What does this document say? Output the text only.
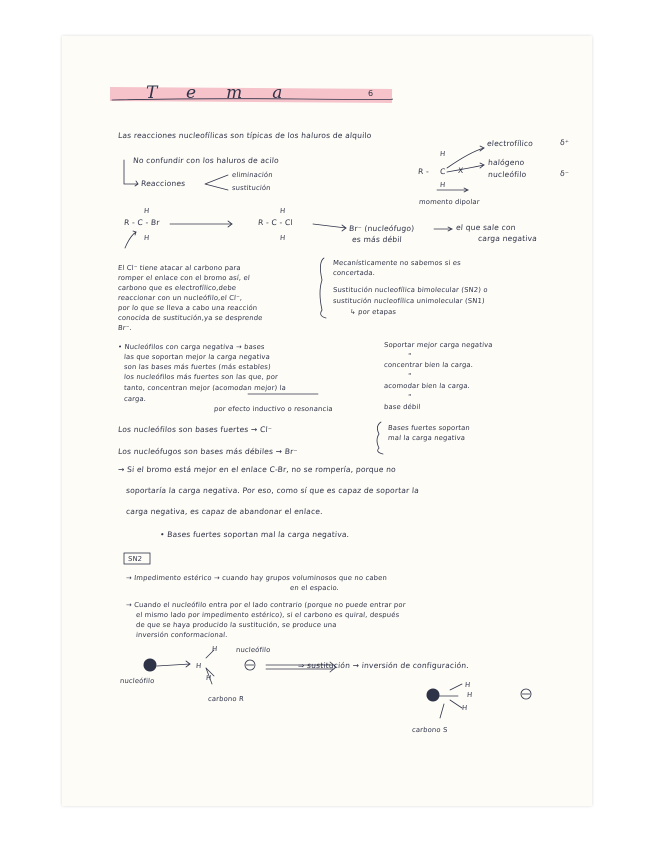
Tema	6
Las reacciones nucleofílicas son típicas de los haluros de alquilo
No confundir con los haluros de acilo
Reacciones
eliminación
sustitución
H
R - C X
H
electrofílico	δ⁺
halógeno
nucleófilo	δ⁻
momento dipolar
H
R - C - Br
H
H
R - C - Cl
H
Br⁻ (nucleófugo)
es más débil
el que sale con
carga negativa
El Cl⁻ tiene atacar al carbono para
romper el enlace con el bromo así, el
carbono que es electrofílico,debe
reaccionar con un nucleófilo,el Cl⁻,
por lo que se lleva a cabo una reacción
conocida de sustitución,ya se desprende
Br⁻.
Mecanísticamente no sabemos si es
concertada.
Sustitución nucleofílica bimolecular (SN2) o
sustitución nucleofílica unimolecular (SN1)
↳ por etapas
• Nucleófilos con carga negativa → bases
las que soportan mejor la carga negativa
son las bases más fuertes (más estables)
los nucleófilos más fuertes son las que, por
tanto, concentran mejor (acomodan mejor) la
carga.
Soportar mejor carga negativa
"
concentrar bien la carga.
"
acomodar bien la carga.
"
base débil
por efecto inductivo o resonancia
Los nucleófilos son bases fuertes → Cl⁻
Los nucleófugos son bases más débiles → Br⁻
Bases fuertes soportan
mal la carga negativa
→ Si el bromo está mejor en el enlace C-Br, no se rompería, porque no
soportaría la carga negativa. Por eso, como sí que es capaz de soportar la
carga negativa, es capaz de abandonar el enlace.
• Bases fuertes soportan mal la carga negativa.
SN2
→ Impedimento estérico → cuando hay grupos voluminosos que no caben
en el espacio.
→ Cuando el nucleófilo entra por el lado contrario (porque no puede entrar por
el mismo lado por impedimento estérico), si el carbono es quiral, después
de que se haya producido la sustitución, se produce una
inversión conformacional.
nucleófilo
nucleófilo
H
H
H
carbono R
⇒ sustitución → inversión de configuración.
H
H
H
carbono S
